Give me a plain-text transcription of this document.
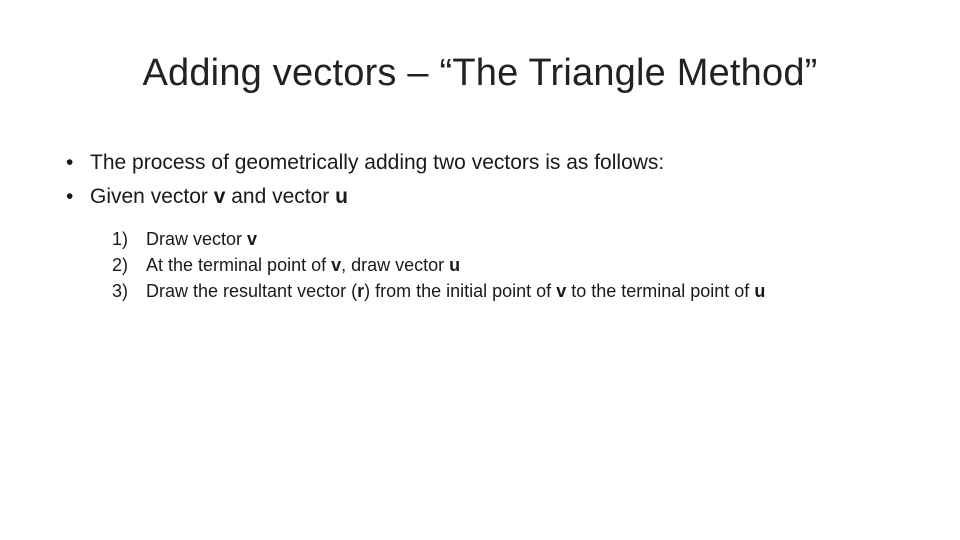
Adding vectors – “The Triangle Method”
• The process of geometrically adding two vectors is as follows:
• Given vector v and vector u
1) Draw vector v
2) At the terminal point of v, draw vector u
3) Draw the resultant vector (r) from the initial point of v to the terminal point of u
